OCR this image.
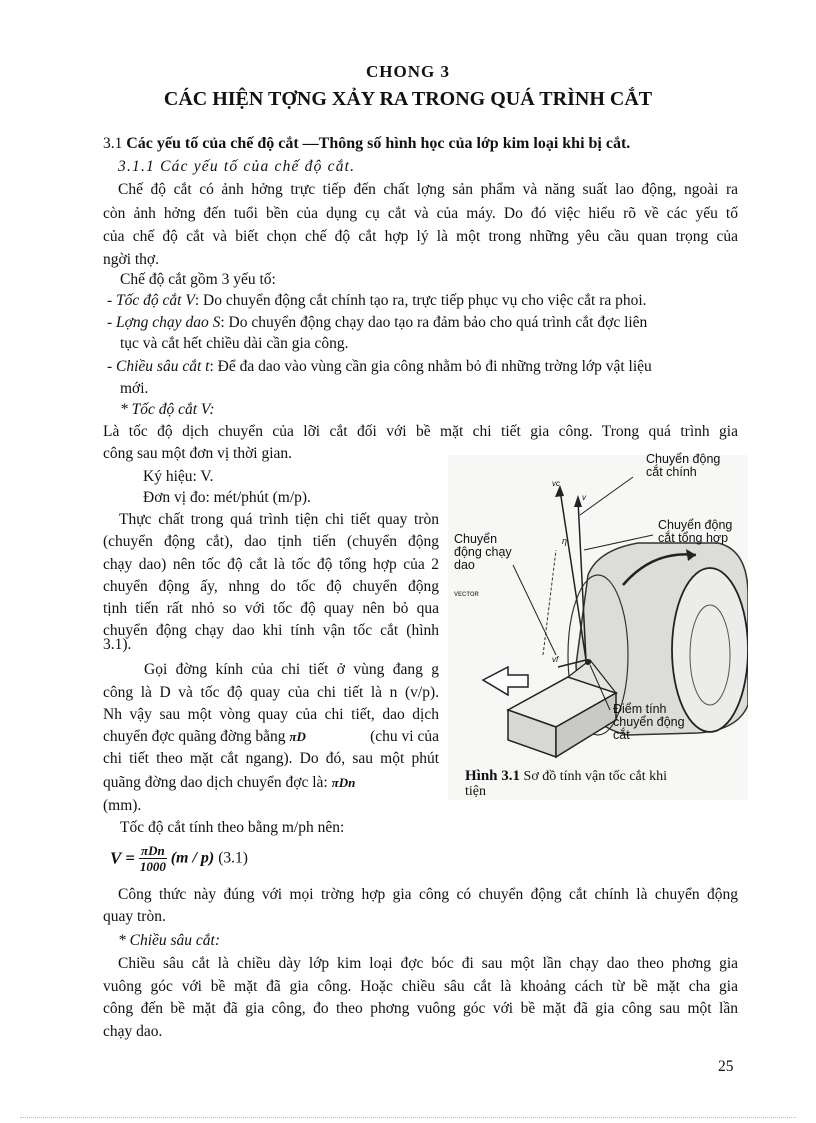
CHONG 3
CÁC HIỆN TỢNG XẢY RA TRONG QUÁ TRÌNH CẮT
3.1 Các yếu tố của chế độ cắt —Thông số hình học của lớp kim loại khi bị cắt.
3.1.1 Các yếu tố của chế độ cắt.
Chế độ cắt có ảnh hởng trực tiếp đến chất lợng sản phẩm và năng suất lao động, ngoài ra
còn ảnh hởng đến tuổi bền của dụng cụ cắt và của máy. Do đó việc hiểu rõ về các yếu tố
của chế độ cắt và biết chọn chế độ cắt hợp lý là một trong những yêu cầu quan trọng của
ngời thợ.
Chế độ cắt gồm 3 yếu tố:
- Tốc độ cắt V: Do chuyển động cắt chính tạo ra, trực tiếp phục vụ cho việc cắt ra phoi.
- Lợng chạy dao S: Do chuyển động chạy dao tạo ra đảm bảo cho quá trình cắt đợc liên
tục và cắt hết chiều dài cần gia công.
- Chiều sâu cắt t: Để đa dao vào vùng cần gia công nhằm bỏ đi những trờng lớp vật liệu
mới.
* Tốc độ cắt V:
Là tốc độ dịch chuyển của lỡi cắt đối với bề mặt chi tiết gia công. Trong quá trình gia
công sau một đơn vị thời gian.
Ký hiệu: V.
Đơn vị đo: mét/phút (m/p).
Thực chất trong quá trình tiện chi tiết quay tròn
(chuyển động cắt), dao tịnh tiến (chuyển động
chạy dao) nên tốc độ cắt là tốc độ tổng hợp của 2
chuyển động ấy, nhng do tốc độ chuyển động
tịnh tiến rất nhỏ so với tốc độ quay nên bỏ qua
chuyển động chạy dao khi tính vận tốc cắt (hình
3.1).
Gọi đờng kính của chi tiết ở vùng đang g
công là D và tốc độ quay của chi tiết là n (v/p).
Nh vậy sau một vòng quay của chi tiết, dao dịch
chuyển đợc quãng đờng bằng πD	(chu vi của
chi tiết theo mặt cắt ngang). Do đó, sau một phút
quãng đờng dao dịch chuyển đợc là: πDn
(mm).
Tốc độ cắt tính theo bằng m/ph nên:
$V = \frac{\text{πDn}}{1000} (m / p)$ (3.1)
Công thức này đúng với mọi trờng hợp gia công có chuyển động cắt chính là chuyển động
quay tròn.
* Chiều sâu cắt:
Chiều sâu cắt là chiều dày lớp kim loại đợc bóc đi sau một lần chạy dao theo phơng gia
vuông góc với bề mặt đã gia công. Hoặc chiều sâu cắt là khoảng cách từ bề mặt cha gia
công đến bề mặt đã gia công, đo theo phơng vuông góc với bề mặt đã gia công sau một lần
chạy dao.
Chuyển động
cắt chính
Chuyển động
cắt tổng hợp
Chuyển
động chạy
dao
VECTOR
vc
v
η
vf
Điểm tính
chuyển động
cắt
Hình 3.1 Sơ đồ tính vận tốc cắt khi
tiện
25
